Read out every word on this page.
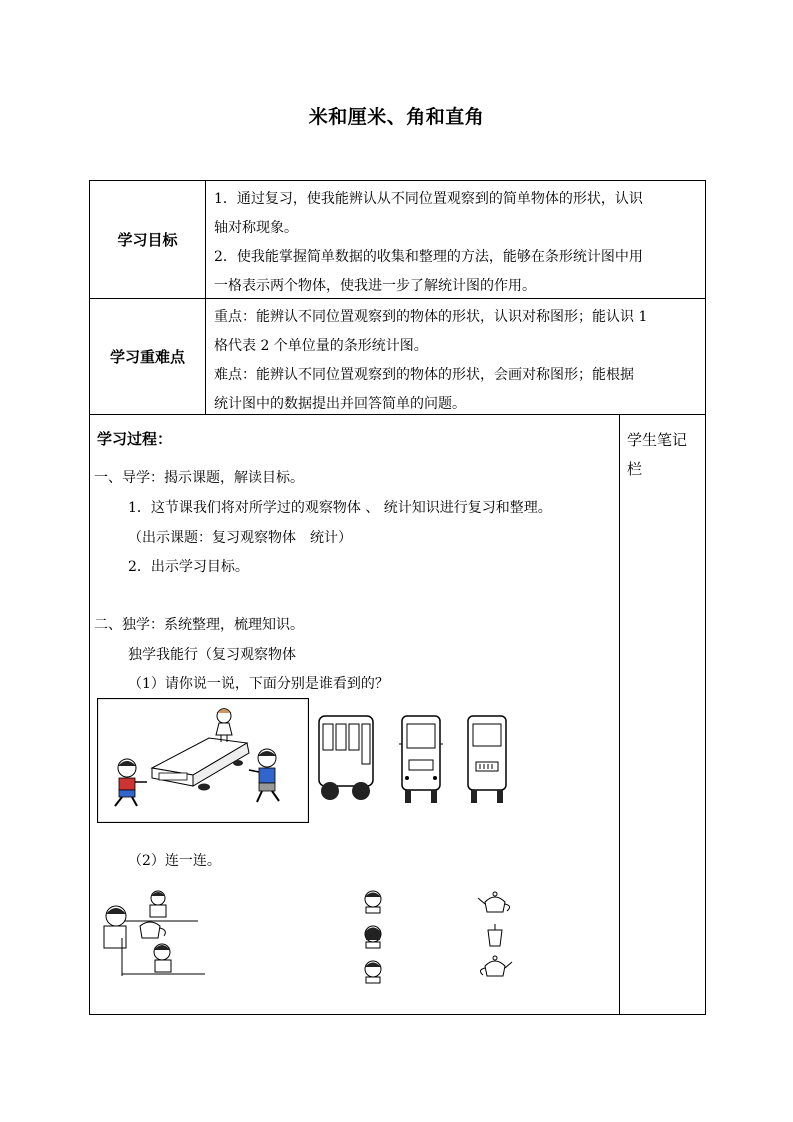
米和厘米、角和直角
学习目标
1．通过复习，使我能辨认从不同位置观察到的简单物体的形状，认识
轴对称现象。
2．使我能掌握简单数据的收集和整理的方法，能够在条形统计图中用
一格表示两个物体，使我进一步了解统计图的作用。
学习重难点
重点：能辨认不同位置观察到的物体的形状，认识对称图形；能认识 1
格代表 2 个单位量的条形统计图。
难点：能辨认不同位置观察到的物体的形状，会画对称图形；能根据
统计图中的数据提出并回答简单的问题。
学习过程：
一、导学：揭示课题，解读目标。
1．这节课我们将对所学过的观察物体 、 统计知识进行复习和整理。
（出示课题：复习观察物体　统计）
2．出示学习目标。
二、独学：系统整理，梳理知识。
独学我能行（复习观察物体
（1）请你说一说，下面分别是谁看到的？
（2）连一连。
学生笔记栏
